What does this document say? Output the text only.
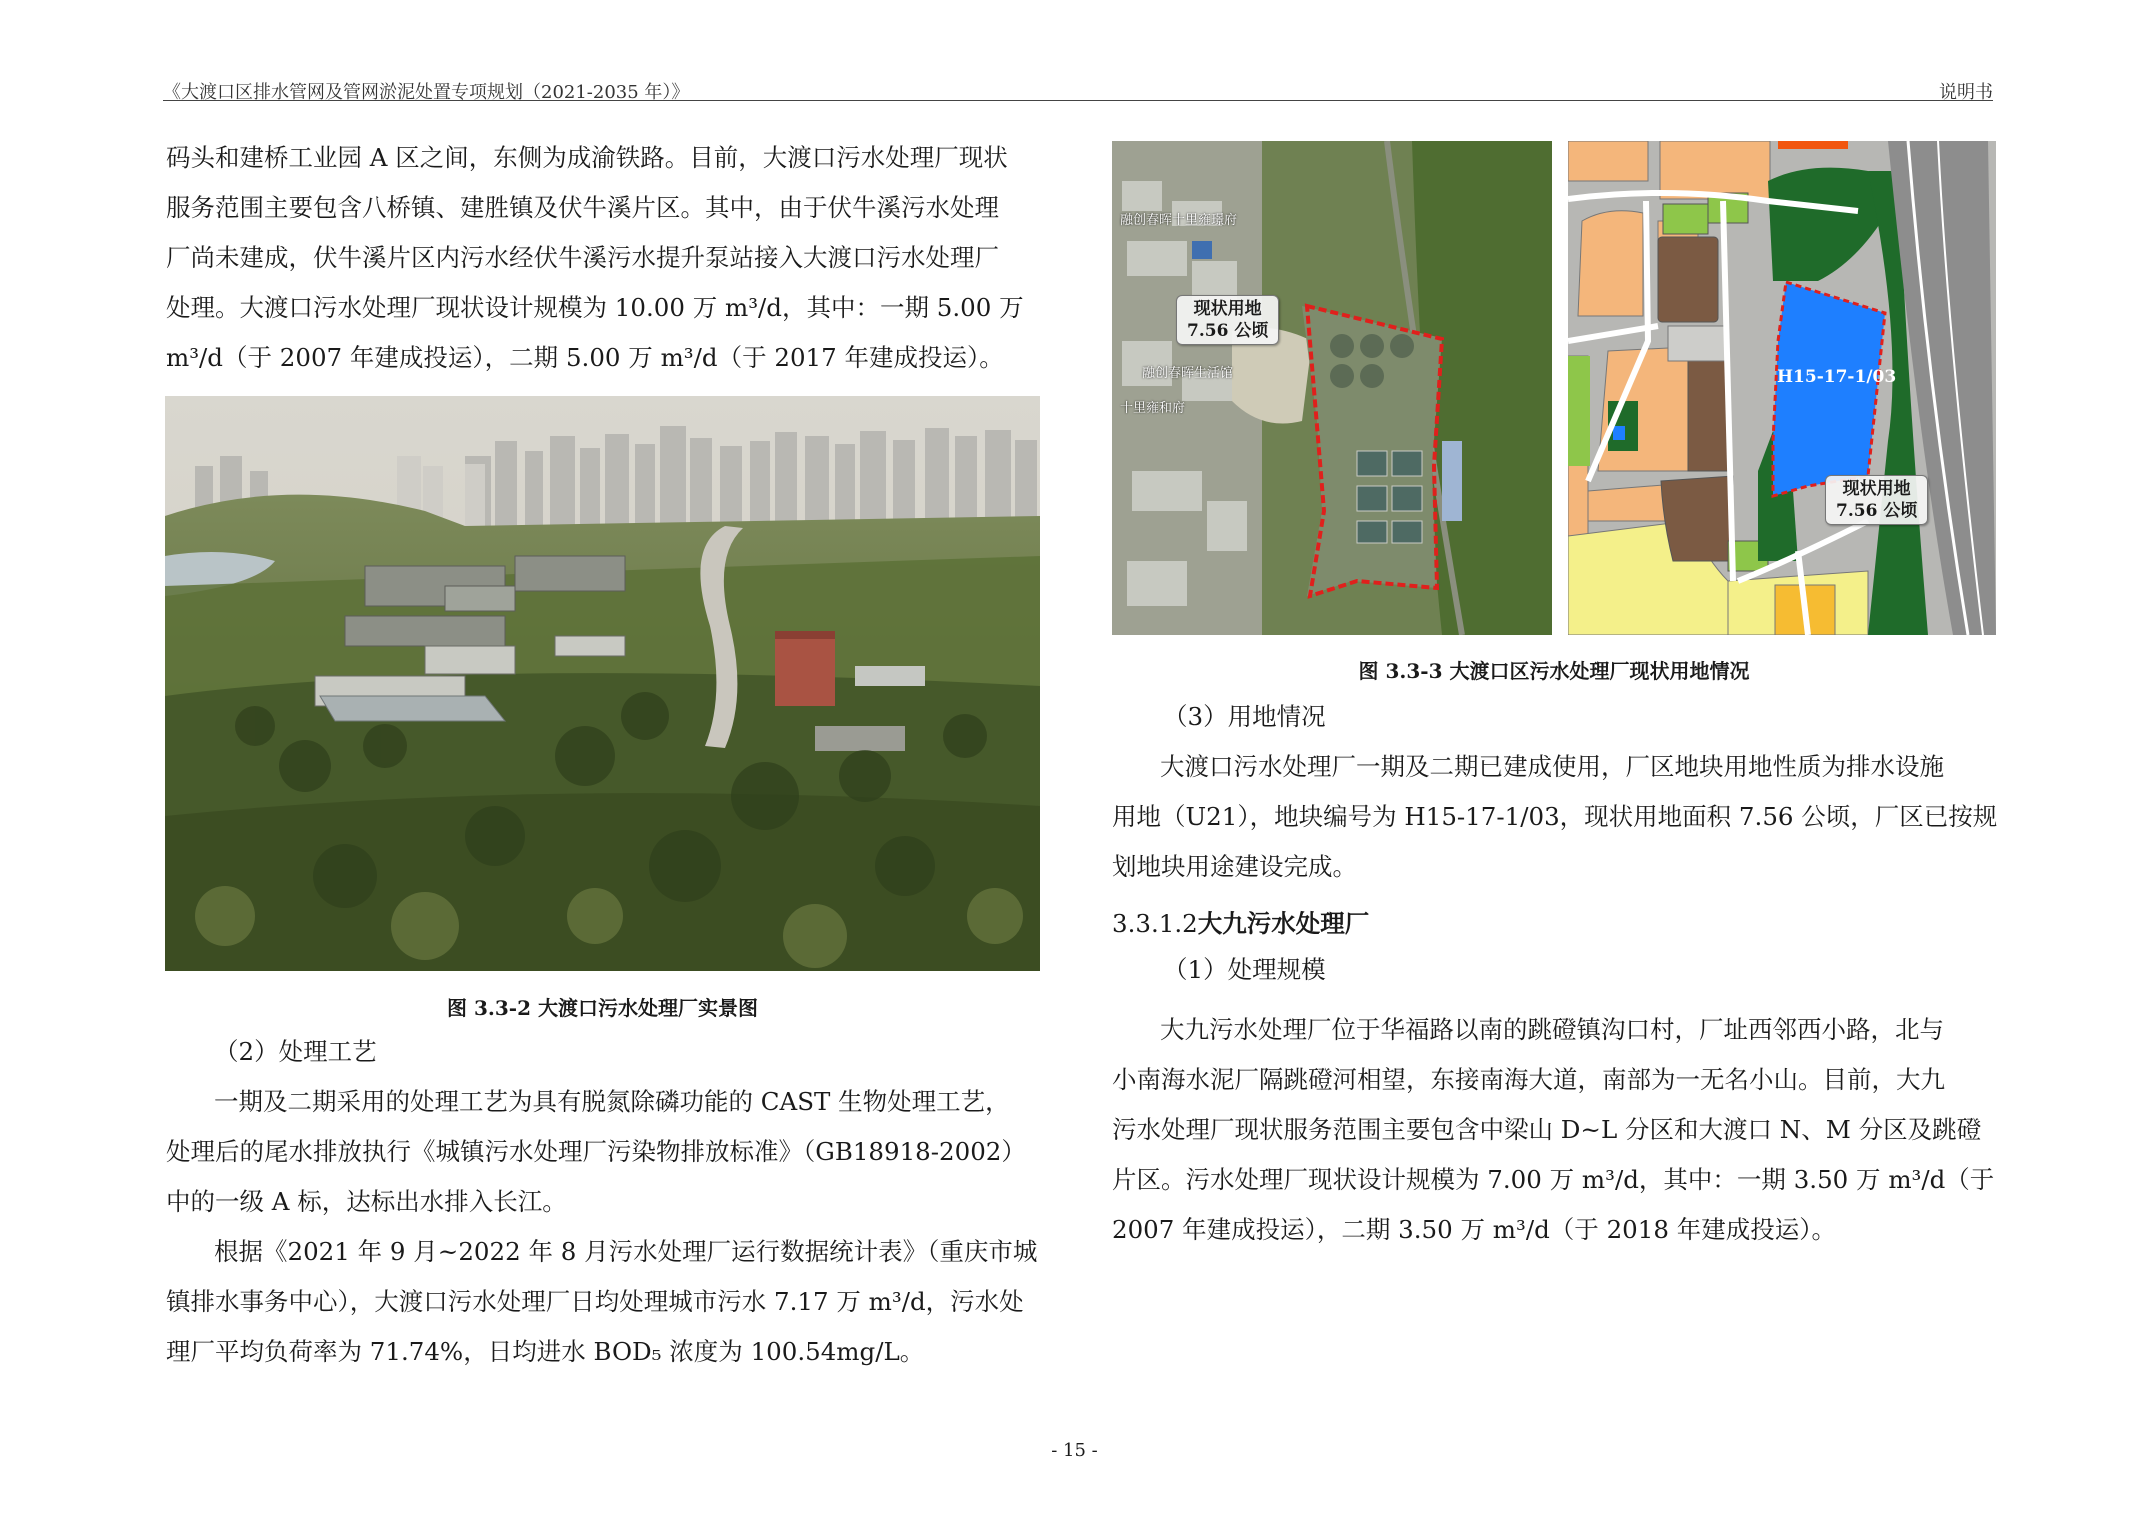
《大渡口区排水管网及管网淤泥处置专项规划（2021-2035 年）》	说明书
码头和建桥工业园 A 区之间，东侧为成渝铁路。目前，大渡口污水处理厂现状
服务范围主要包含八桥镇、建胜镇及伏牛溪片区。其中，由于伏牛溪污水处理
厂尚未建成，伏牛溪片区内污水经伏牛溪污水提升泵站接入大渡口污水处理厂
处理。大渡口污水处理厂现状设计规模为 10.00 万 m³/d，其中：一期 5.00 万
m³/d（于 2007 年建成投运），二期 5.00 万 m³/d（于 2017 年建成投运）。
图 3.3-2 大渡口污水处理厂实景图
（2）处理工艺
一期及二期采用的处理工艺为具有脱氮除磷功能的 CAST 生物处理工艺，
处理后的尾水排放执行《城镇污水处理厂污染物排放标准》（GB18918-2002）
中的一级 A 标，达标出水排入长江。
根据《2021 年 9 月~2022 年 8 月污水处理厂运行数据统计表》（重庆市城
镇排水事务中心），大渡口污水处理厂日均处理城市污水 7.17 万 m³/d，污水处
理厂平均负荷率为 71.74%，日均进水 BOD₅ 浓度为 100.54mg/L。
融创春晖十里雍璟府
融创春晖生活馆
十里雍和府
现状用地
7.56 公顷
H15-17-1/03
现状用地
7.56 公顷
图 3.3-3 大渡口区污水处理厂现状用地情况
（3）用地情况
大渡口污水处理厂一期及二期已建成使用，厂区地块用地性质为排水设施
用地（U21），地块编号为 H15-17-1/03，现状用地面积 7.56 公顷，厂区已按规
划地块用途建设完成。
3.3.1.2大九污水处理厂
（1）处理规模
大九污水处理厂位于华福路以南的跳磴镇沟口村，厂址西邻西小路，北与
小南海水泥厂隔跳磴河相望，东接南海大道，南部为一无名小山。目前，大九
污水处理厂现状服务范围主要包含中梁山 D~L 分区和大渡口 N、M 分区及跳磴
片区。污水处理厂现状设计规模为 7.00 万 m³/d，其中：一期 3.50 万 m³/d（于
2007 年建成投运），二期 3.50 万 m³/d（于 2018 年建成投运）。
- 15 -
